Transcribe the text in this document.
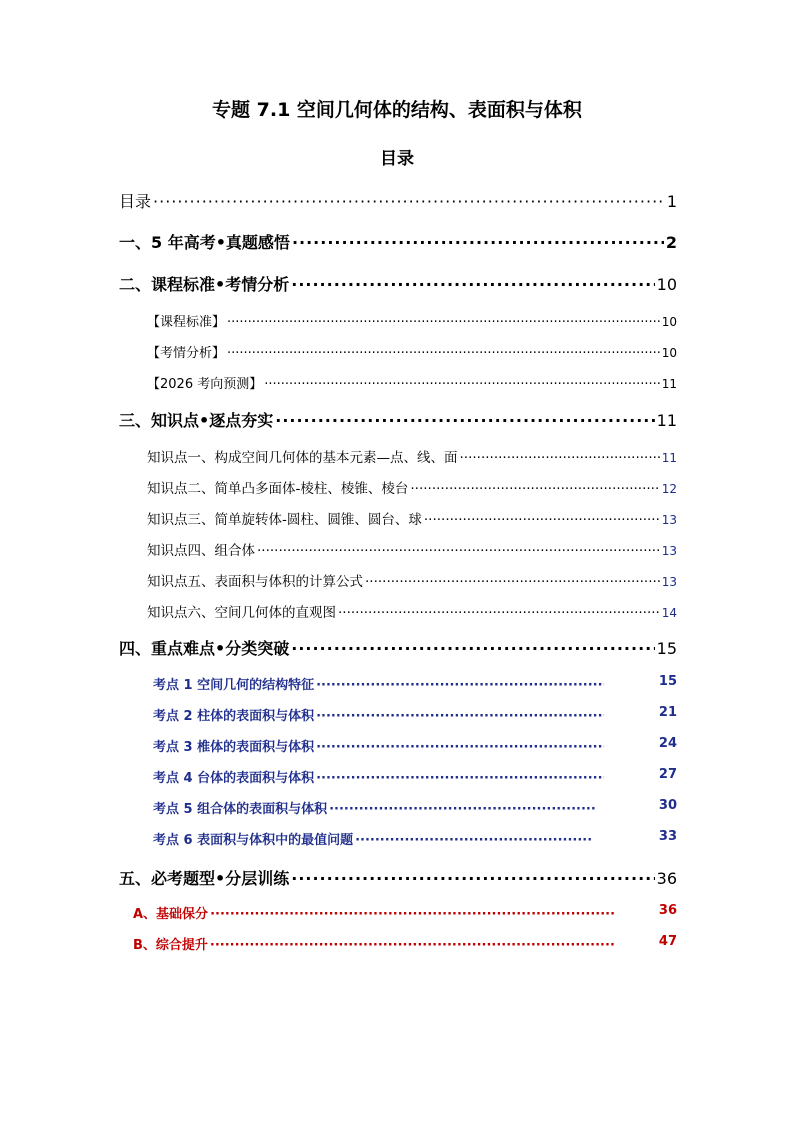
专题 7.1 空间几何体的结构、表面积与体积
目录
目录 ·····	1
一、5 年高考•真题感悟 ·····	2
二、课程标准•考情分析 ·····	10
【课程标准】 ·····	10
【考情分析】 ·····	10
【2026 考向预测】 ·····	11
三、知识点•逐点夯实 ·····	11
知识点一、构成空间几何体的基本元素—点、线、面 ·····	11
知识点二、简单凸多面体-棱柱、棱锥、棱台 ·····	12
知识点三、简单旋转体-圆柱、圆锥、圆台、球 ·····	13
知识点四、组合体 ·····	13
知识点五、表面积与体积的计算公式 ·····	13
知识点六、空间几何体的直观图 ·····	14
四、重点难点•分类突破 ·····	15
考点 1 空间几何的结构特征 ·····	15
考点 2 柱体的表面积与体积 ·····	21
考点 3 椎体的表面积与体积 ·····	24
考点 4 台体的表面积与体积 ·····	27
考点 5 组合体的表面积与体积 ·····	30
考点 6 表面积与体积中的最值问题 ·····	33
五、必考题型•分层训练 ·····	36
A、基础保分 ·····	36
B、综合提升 ·····	47
